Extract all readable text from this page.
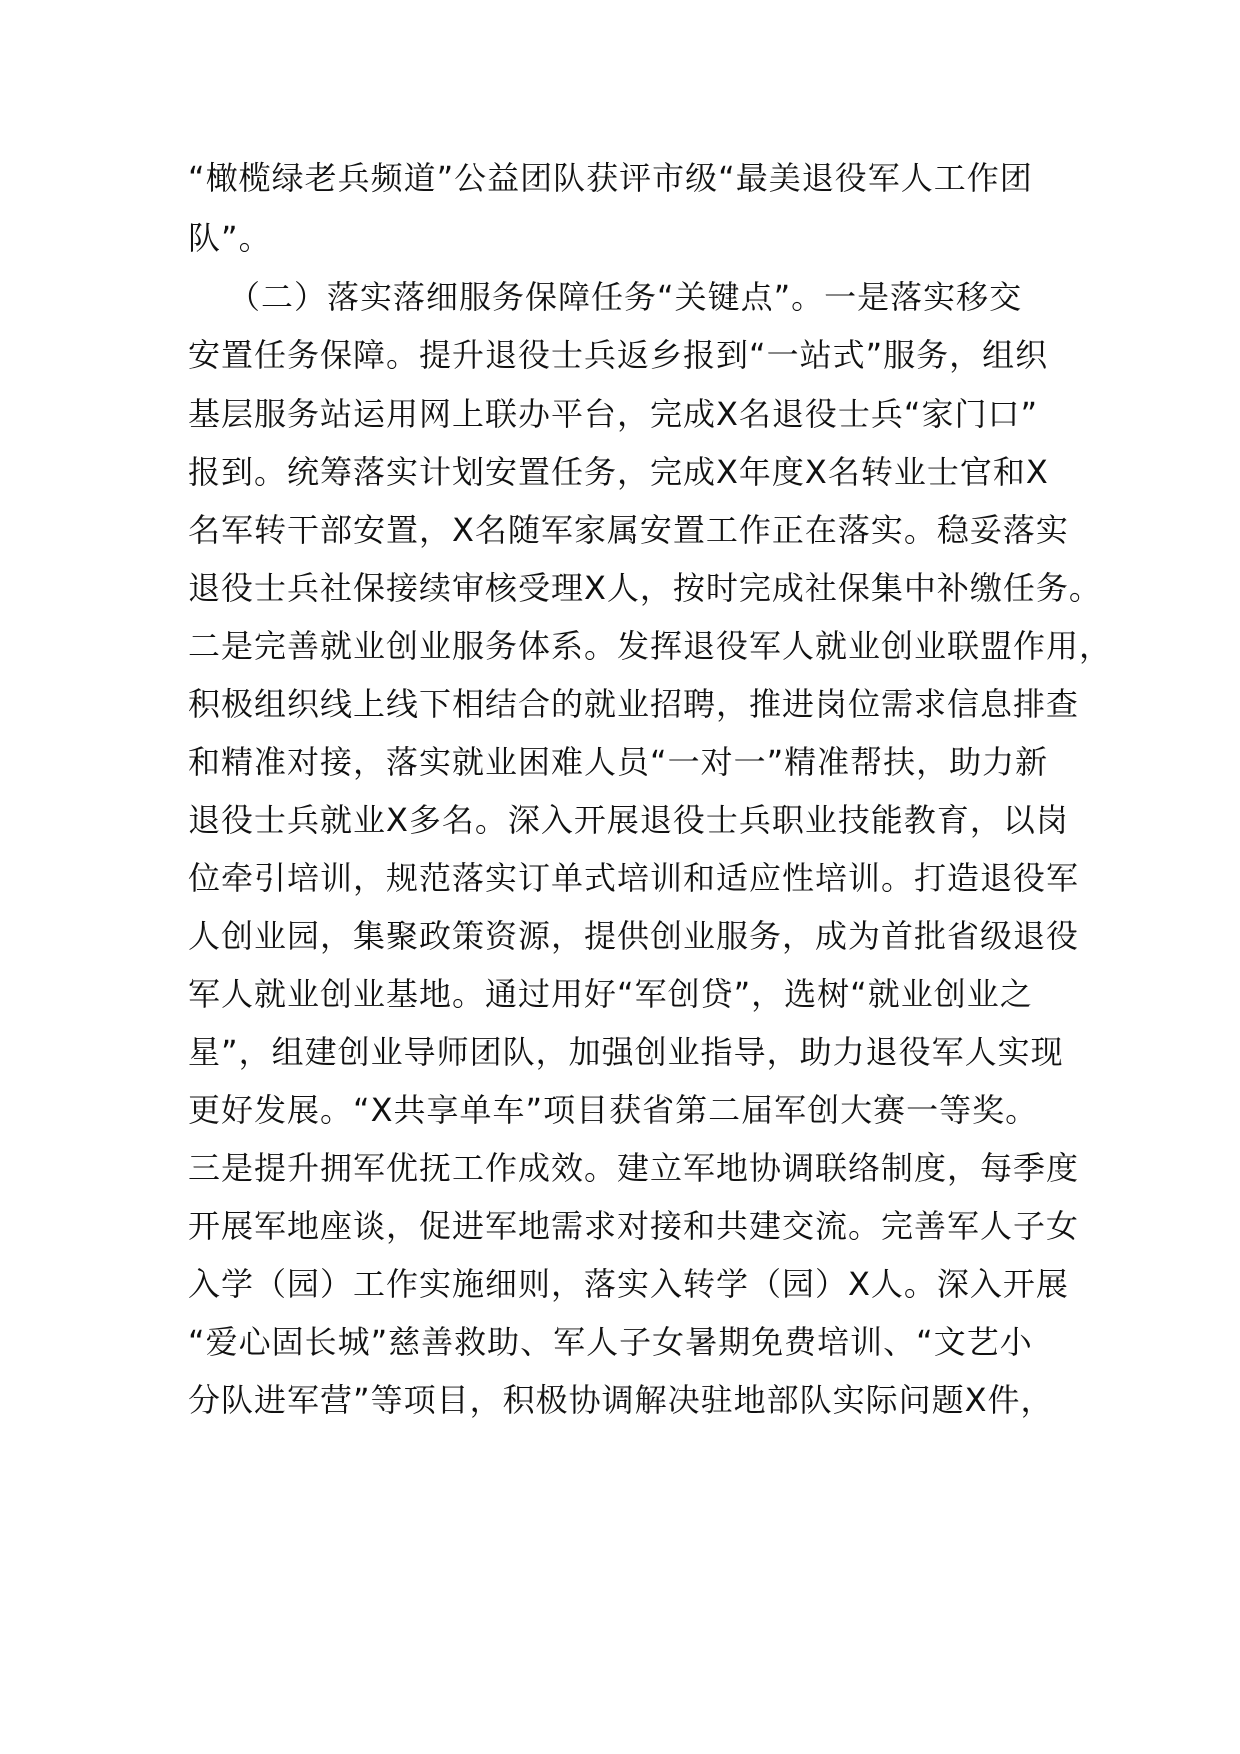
“橄榄绿老兵频道”公益团队获评市级“最美退役军人工作团
队”。
（二）落实落细服务保障任务“关键点”。一是落实移交
安置任务保障。提升退役士兵返乡报到“一站式”服务，组织
基层服务站运用网上联办平台，完成X名退役士兵“家门口”
报到。统筹落实计划安置任务，完成X年度X名转业士官和X
名军转干部安置，X名随军家属安置工作正在落实。稳妥落实
退役士兵社保接续审核受理X人，按时完成社保集中补缴任务。
二是完善就业创业服务体系。发挥退役军人就业创业联盟作用，
积极组织线上线下相结合的就业招聘，推进岗位需求信息排查
和精准对接，落实就业困难人员“一对一”精准帮扶，助力新
退役士兵就业X多名。深入开展退役士兵职业技能教育，以岗
位牵引培训，规范落实订单式培训和适应性培训。打造退役军
人创业园，集聚政策资源，提供创业服务，成为首批省级退役
军人就业创业基地。通过用好“军创贷”，选树“就业创业之
星”，组建创业导师团队，加强创业指导，助力退役军人实现
更好发展。“X共享单车”项目获省第二届军创大赛一等奖。
三是提升拥军优抚工作成效。建立军地协调联络制度，每季度
开展军地座谈，促进军地需求对接和共建交流。完善军人子女
入学（园）工作实施细则，落实入转学（园）X人。深入开展
“爱心固长城”慈善救助、军人子女暑期免费培训、“文艺小
分队进军营”等项目，积极协调解决驻地部队实际问题X件，
